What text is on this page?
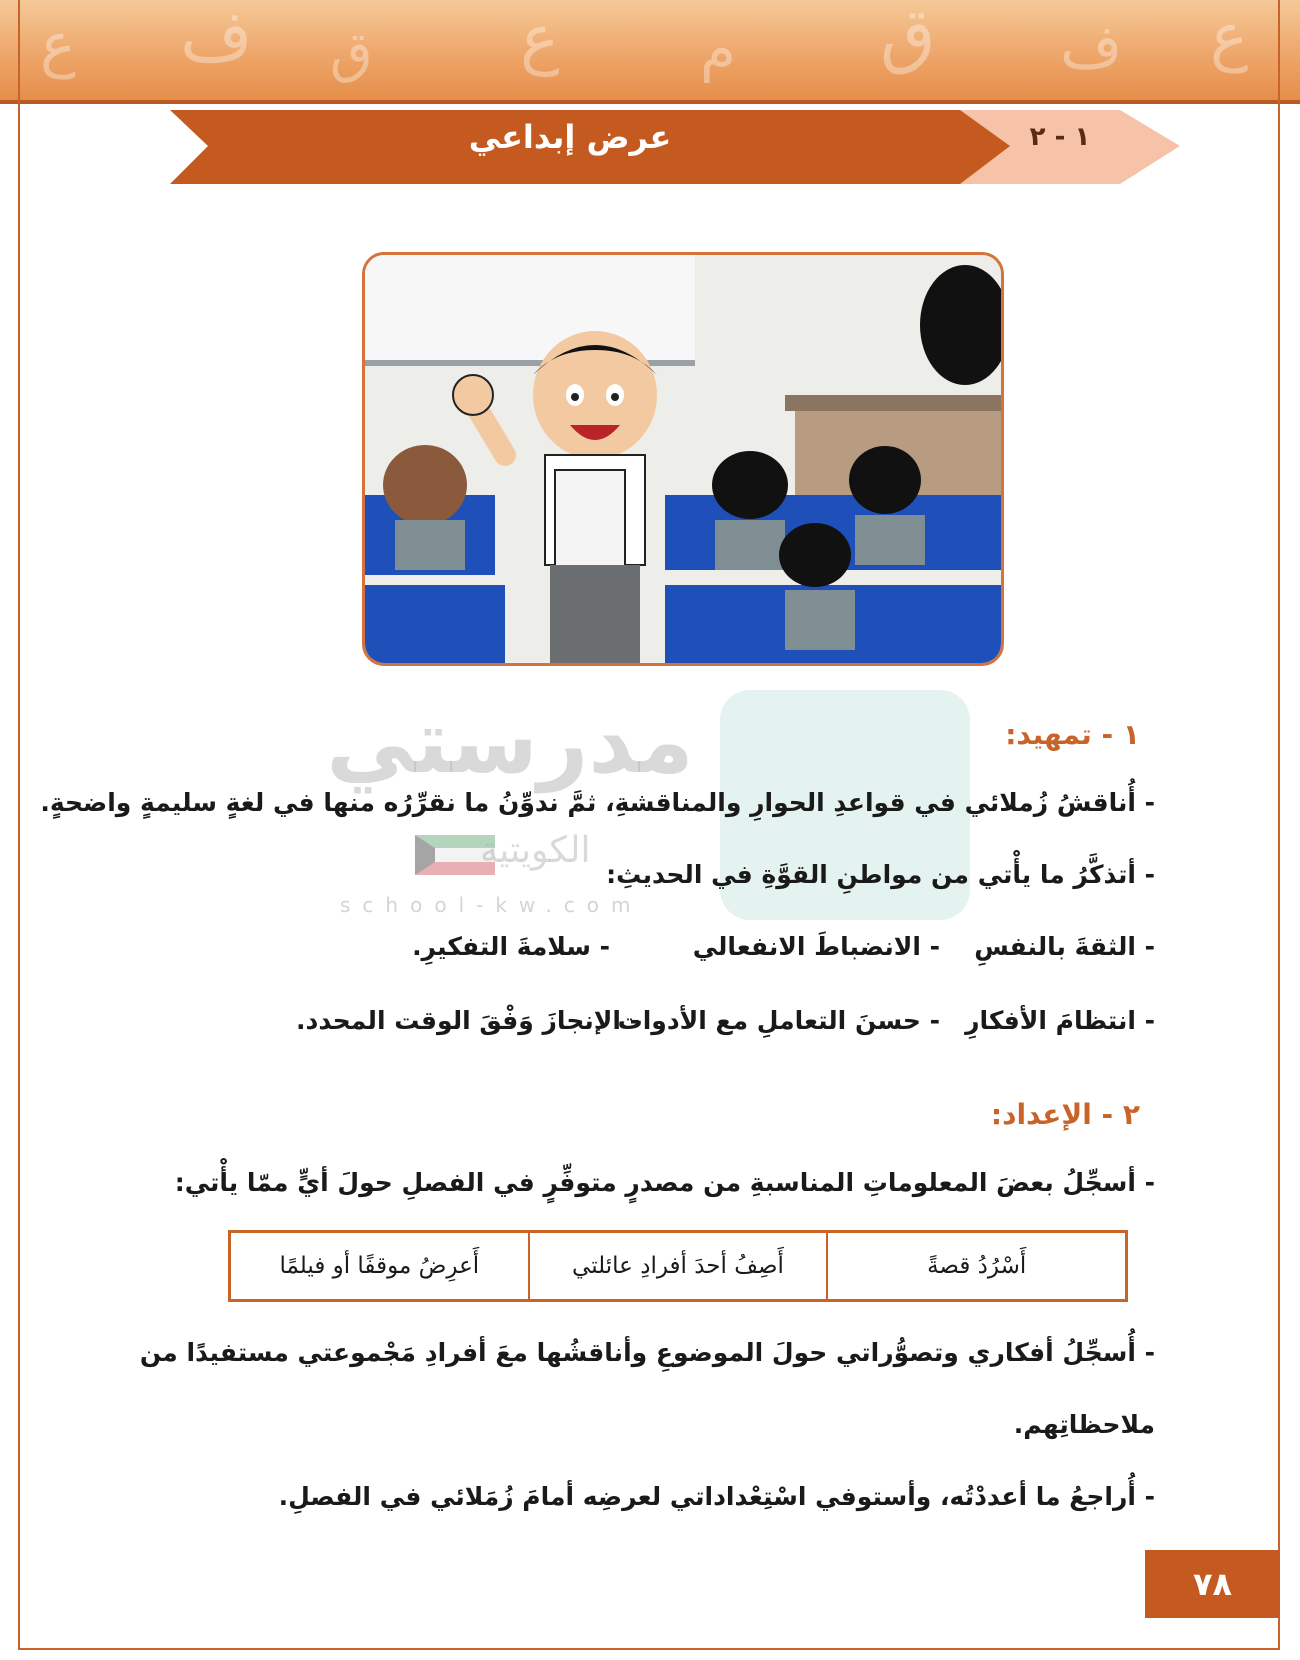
ع ف ق ع م ق ف ع
عرض إبداعي	١ - ٢
مدرستي
الكويتية
school-kw.com
١ - تمهيد:
- أُناقشُ زُملائي في قواعدِ الحوارِ والمناقشةِ، ثمَّ ندوِّنُ ما نقرِّرُه منها في لغةٍ سليمةٍ واضحةٍ.
- أتذكَّرُ ما يأْتي من مواطنِ القوَّةِ في الحديثِ:
- الثقةَ بالنفسِ
- الانضباطَ الانفعالي
- سلامةَ التفكيرِ.
- انتظامَ الأفكارِ
- حسنَ التعاملِ مع الأدوات
- الإنجازَ وَفْقَ الوقت المحدد.
٢ - الإعداد:
- أسجِّلُ بعضَ المعلوماتِ المناسبةِ من مصدرٍ متوفِّرٍ في الفصلِ حولَ أيٍّ ممّا يأْتي:
أَسْرُدُ قصةً
أَصِفُ أحدَ أفرادِ عائلتي
أَعرِضُ موقفًا أو فيلمًا
- أُسجِّلُ أفكاري وتصوُّراتي حولَ الموضوعِ وأناقشُها معَ أفرادِ مَجْموعتي مستفيدًا من
ملاحظاتِهم.
- أُراجعُ ما أعددْتُه، وأستوفي اسْتِعْداداتي لعرضِه أمامَ زُمَلائي في الفصلِ.
٧٨
